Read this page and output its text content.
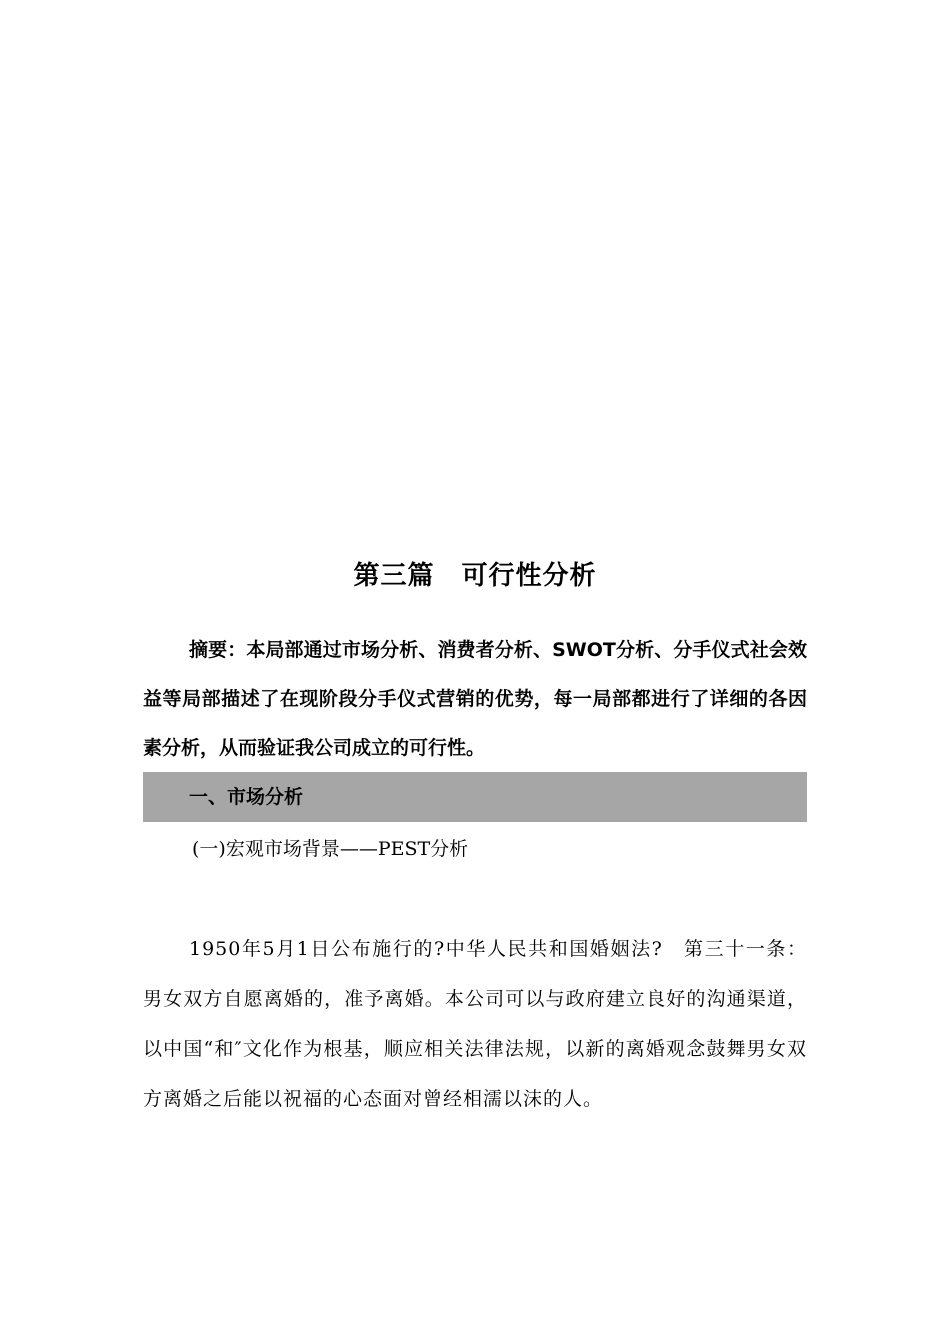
第三篇　可行性分析

摘要：本局部通过市场分析、消费者分析、SWOT分析、分手仪式社会效益等局部描述了在现阶段分手仪式营销的优势，每一局部都进行了详细的各因素分析，从而验证我公司成立的可行性。

一、市场分析
(一)宏观市场背景——PEST分析

1950年5月1日公布施行的?中华人民共和国婚姻法?　第三十一条：男女双方自愿离婚的，准予离婚。本公司可以与政府建立良好的沟通渠道，以中国“和″文化作为根基，顺应相关法律法规，以新的离婚观念鼓舞男女双方离婚之后能以祝福的心态面对曾经相濡以沫的人。
